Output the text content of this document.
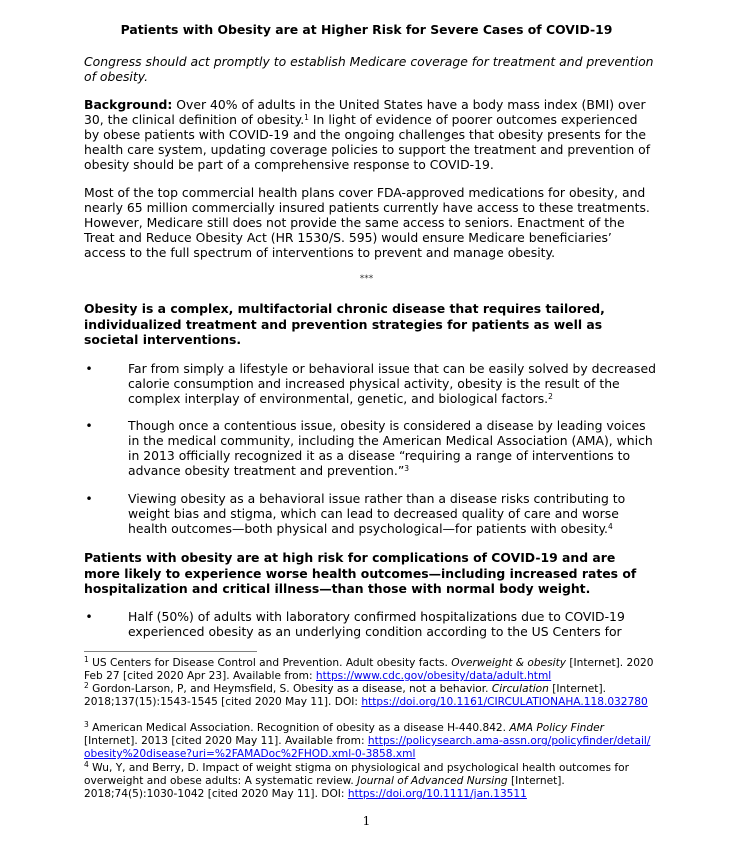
Patients with Obesity are at Higher Risk for Severe Cases of COVID-19

Congress should act promptly to establish Medicare coverage for treatment and prevention of obesity.

Background: Over 40% of adults in the United States have a body mass index (BMI) over 30, the clinical definition of obesity.$^1$ In light of evidence of poorer outcomes experienced by obese patients with COVID-19 and the ongoing challenges that obesity presents for the health care system, updating coverage policies to support the treatment and prevention of obesity should be part of a comprehensive response to COVID-19.

Most of the top commercial health plans cover FDA-approved medications for obesity, and nearly 65 million commercially insured patients currently have access to these treatments. However, Medicare still does not provide the same access to seniors. Enactment of the Treat and Reduce Obesity Act (HR 1530/S. 595) would ensure Medicare beneficiaries’ access to the full spectrum of interventions to prevent and manage obesity.

***
Obesity is a complex, multifactorial chronic disease that requires tailored, individualized treatment and prevention strategies for patients as well as societal interventions.
•	Far from simply a lifestyle or behavioral issue that can be easily solved by decreased calorie consumption and increased physical activity, obesity is the result of the complex interplay of environmental, genetic, and biological factors.$^2$
•	Though once a contentious issue, obesity is considered a disease by leading voices in the medical community, including the American Medical Association (AMA), which in 2013 officially recognized it as a disease “requiring a range of interventions to advance obesity treatment and prevention.”$^3$
•	Viewing obesity as a behavioral issue rather than a disease risks contributing to weight bias and stigma, which can lead to decreased quality of care and worse health outcomes—both physical and psychological—for patients with obesity.$^4$
Patients with obesity are at high risk for complications of COVID-19 and are more likely to experience worse health outcomes—including increased rates of hospitalization and critical illness—than those with normal body weight.
•	Half (50%) of adults with laboratory confirmed hospitalizations due to COVID-19 experienced obesity as an underlying condition according to the US Centers for
$^1$ US Centers for Disease Control and Prevention. Adult obesity facts. Overweight & obesity [Internet]. 2020 Feb 27 [cited 2020 Apr 23]. Available from: https://www.cdc.gov/obesity/data/adult.html
$^2$ Gordon-Larson, P, and Heymsfield, S. Obesity as a disease, not a behavior. Circulation [Internet]. 2018;137(15):1543-1545 [cited 2020 May 11]. DOI: https://doi.org/10.1161/CIRCULATIONAHA.118.032780
$^3$ American Medical Association. Recognition of obesity as a disease H-440.842. AMA Policy Finder [Internet]. 2013 [cited 2020 May 11]. Available from: https://policysearch.ama-assn.org/policyfinder/detail/obesity%20disease?uri=%2FAMADoc%2FHOD.xml-0-3858.xml
$^4$ Wu, Y, and Berry, D. Impact of weight stigma on physiological and psychological health outcomes for overweight and obese adults: A systematic review. Journal of Advanced Nursing [Internet]. 2018;74(5):1030-1042 [cited 2020 May 11]. DOI: https://doi.org/10.1111/jan.13511
1
